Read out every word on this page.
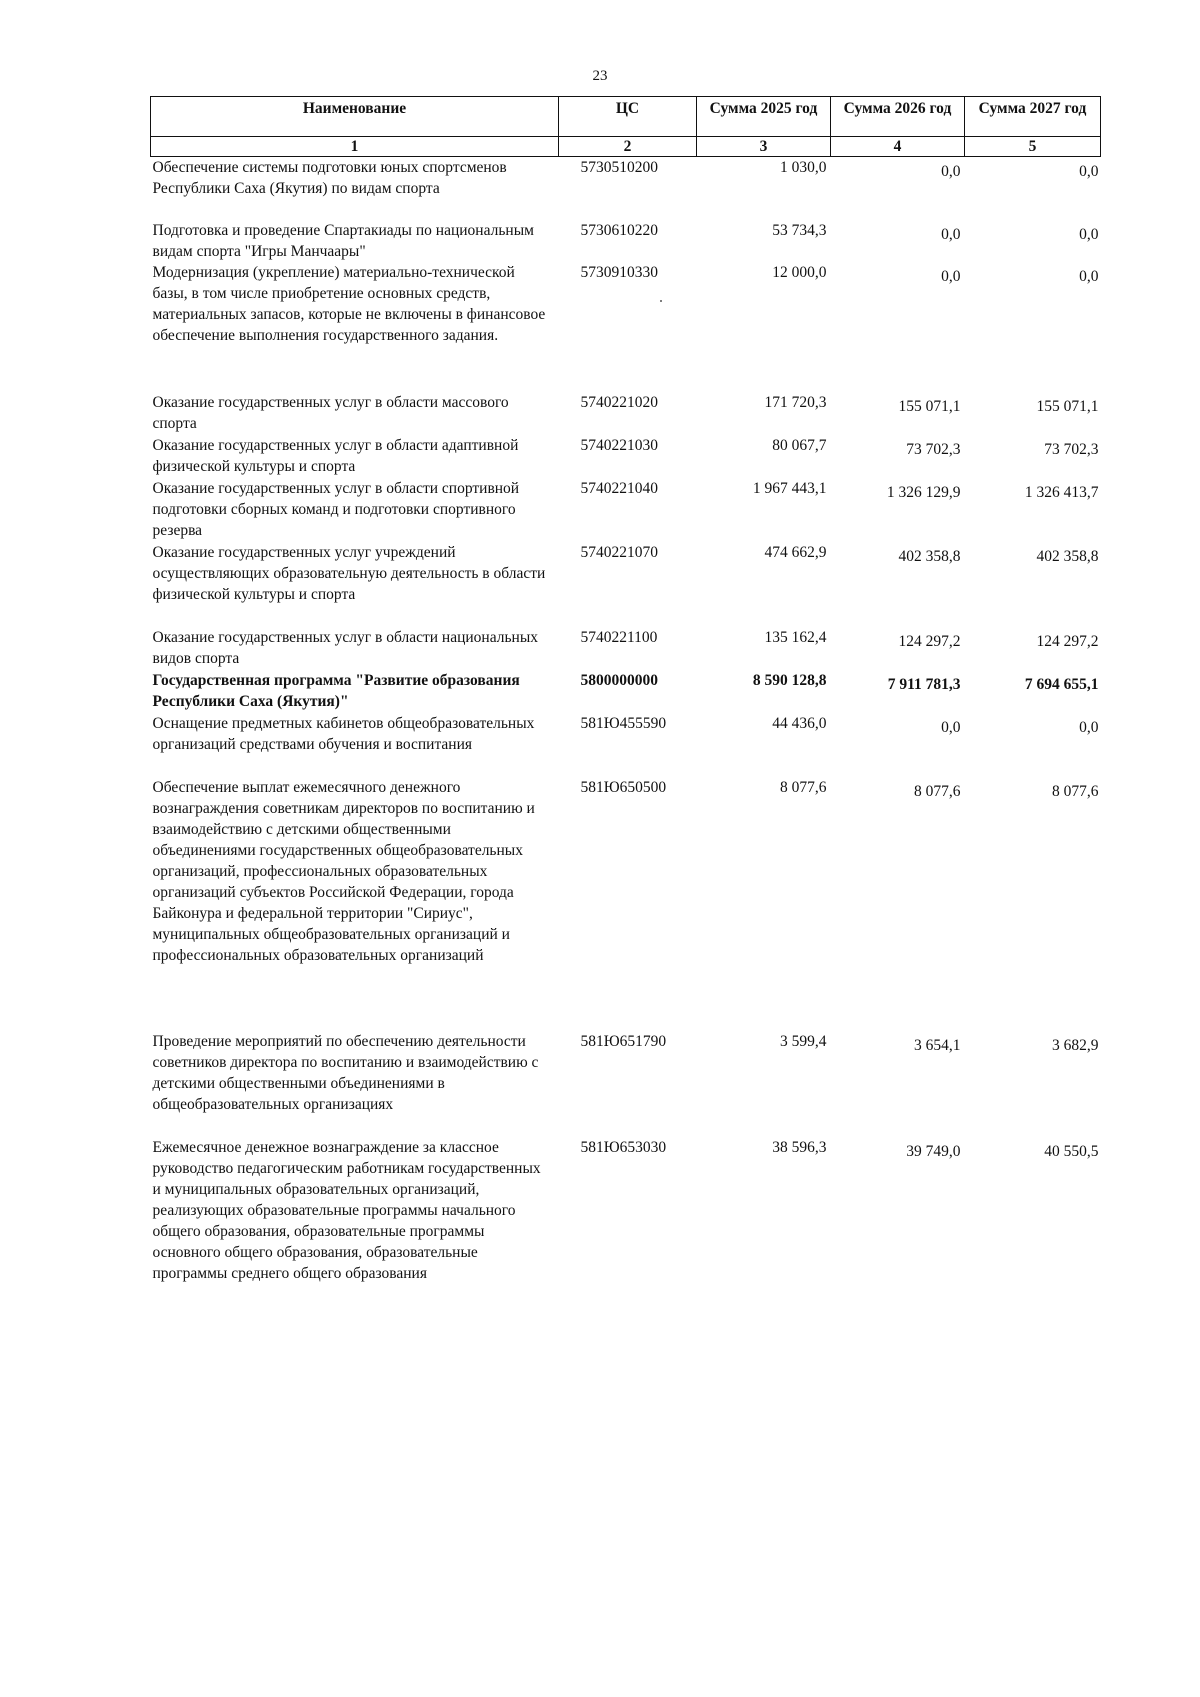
23
Наименование	ЦС	Сумма 2025 год	Сумма 2026 год	Сумма 2027 год
1	2	3	4	5
Обеспечение системы подготовки юных спортсменов Республики Саха (Якутия) по видам спорта	5730510200	1 030,0	0,0	0,0
Подготовка и проведение Спартакиады по национальным видам спорта "Игры Манчаары"	5730610220	53 734,3	0,0	0,0
Модернизация (укрепление) материально-технической базы, в том числе приобретение основных средств, материальных запасов, которые не включены в финансовое обеспечение выполнения государственного задания.	5730910330	12 000,0	0,0	0,0
Оказание государственных услуг в области массового спорта	5740221020	171 720,3	155 071,1	155 071,1
Оказание государственных услуг в области адаптивной физической культуры и спорта	5740221030	80 067,7	73 702,3	73 702,3
Оказание государственных услуг в области спортивной подготовки сборных команд и подготовки спортивного резерва	5740221040	1 967 443,1	1 326 129,9	1 326 413,7
Оказание государственных услуг учреждений осуществляющих образовательную деятельность в области физической культуры и спорта	5740221070	474 662,9	402 358,8	402 358,8
Оказание государственных услуг в области национальных видов спорта	5740221100	135 162,4	124 297,2	124 297,2
Государственная программа "Развитие образования Республики Саха (Якутия)"	5800000000	8 590 128,8	7 911 781,3	7 694 655,1
Оснащение предметных кабинетов общеобразовательных организаций средствами обучения и воспитания	581Ю455590	44 436,0	0,0	0,0
Обеспечение выплат ежемесячного денежного вознаграждения советникам директоров по воспитанию и взаимодействию с детскими общественными объединениями государственных общеобразовательных организаций, профессиональных образовательных организаций субъектов Российской Федерации, города Байконура и федеральной территории "Сириус", муниципальных общеобразовательных организаций и профессиональных образовательных организаций	581Ю650500	8 077,6	8 077,6	8 077,6
Проведение мероприятий по обеспечению деятельности советников директора по воспитанию и взаимодействию с детскими общественными объединениями в общеобразовательных организациях	581Ю651790	3 599,4	3 654,1	3 682,9
Ежемесячное денежное вознаграждение за классное руководство педагогическим работникам государственных и муниципальных образовательных организаций, реализующих образовательные программы начального общего образования, образовательные программы основного общего образования, образовательные программы среднего общего образования	581Ю653030	38 596,3	39 749,0	40 550,5
